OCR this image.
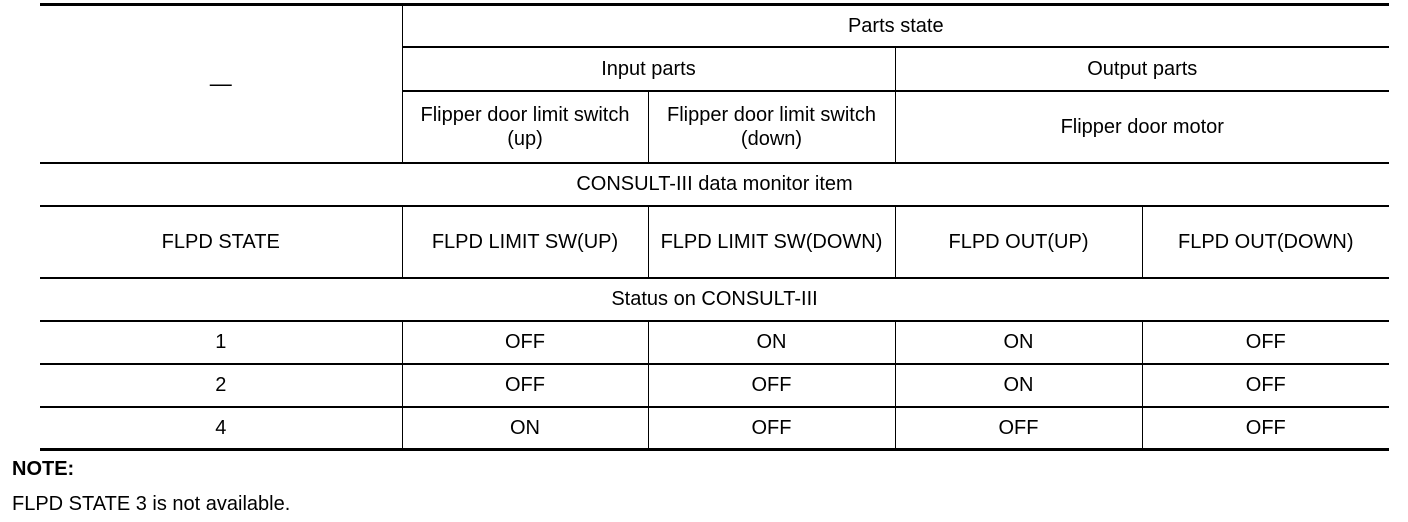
—	Parts state			
	Input parts		Output parts	
	Flipper door limit switch (up)	Flipper door limit switch (down)	Flipper door motor	
CONSULT-III data monitor item				
FLPD STATE	FLPD LIMIT SW(UP)	FLPD LIMIT SW(DOWN)	FLPD OUT(UP)	FLPD OUT(DOWN)
Status on CONSULT-III				
1	OFF	ON	ON	OFF
2	OFF	OFF	ON	OFF
4	ON	OFF	OFF	OFF
NOTE:
FLPD STATE 3 is not available.
